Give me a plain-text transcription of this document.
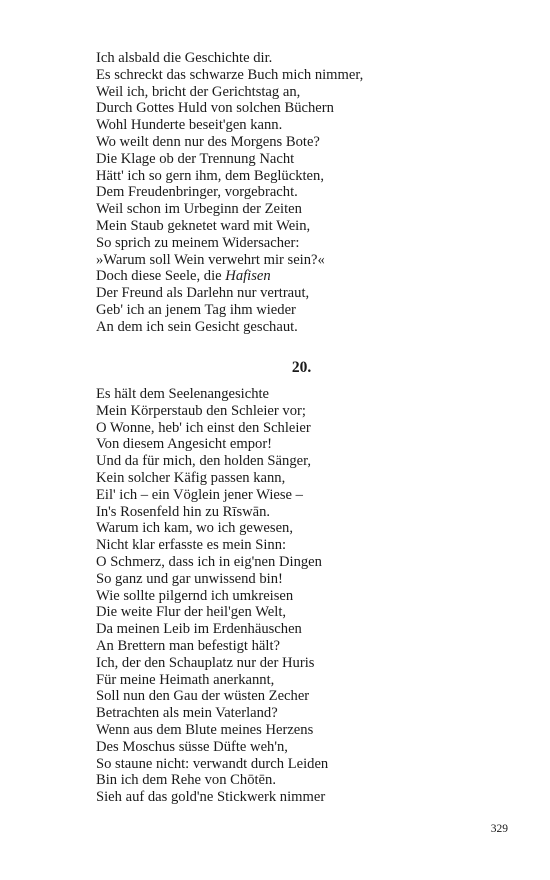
Ich alsbald die Geschichte dir.
Es schreckt das schwarze Buch mich nimmer,
Weil ich, bricht der Gerichtstag an,
Durch Gottes Huld von solchen Büchern
Wohl Hunderte beseit'gen kann.
Wo weilt denn nur des Morgens Bote?
Die Klage ob der Trennung Nacht
Hätt' ich so gern ihm, dem Beglückten,
Dem Freudenbringer, vorgebracht.
Weil schon im Urbeginn der Zeiten
Mein Staub geknetet ward mit Wein,
So sprich zu meinem Widersacher:
»Warum soll Wein verwehrt mir sein?«
Doch diese Seele, die Hafisen
Der Freund als Darlehn nur vertraut,
Geb' ich an jenem Tag ihm wieder
An dem ich sein Gesicht geschaut.
20.
Es hält dem Seelenangesichte
Mein Körperstaub den Schleier vor;
O Wonne, heb' ich einst den Schleier
Von diesem Angesicht empor!
Und da für mich, den holden Sänger,
Kein solcher Käfig passen kann,
Eil' ich – ein Vöglein jener Wiese –
In's Rosenfeld hin zu Rīswān.
Warum ich kam, wo ich gewesen,
Nicht klar erfasste es mein Sinn:
O Schmerz, dass ich in eig'nen Dingen
So ganz und gar unwissend bin!
Wie sollte pilgernd ich umkreisen
Die weite Flur der heil'gen Welt,
Da meinen Leib im Erdenhäuschen
An Brettern man befestigt hält?
Ich, der den Schauplatz nur der Huris
Für meine Heimath anerkannt,
Soll nun den Gau der wüsten Zecher
Betrachten als mein Vaterland?
Wenn aus dem Blute meines Herzens
Des Moschus süsse Düfte weh'n,
So staune nicht: verwandt durch Leiden
Bin ich dem Rehe von Chōtēn.
Sieh auf das gold'ne Stickwerk nimmer
329
